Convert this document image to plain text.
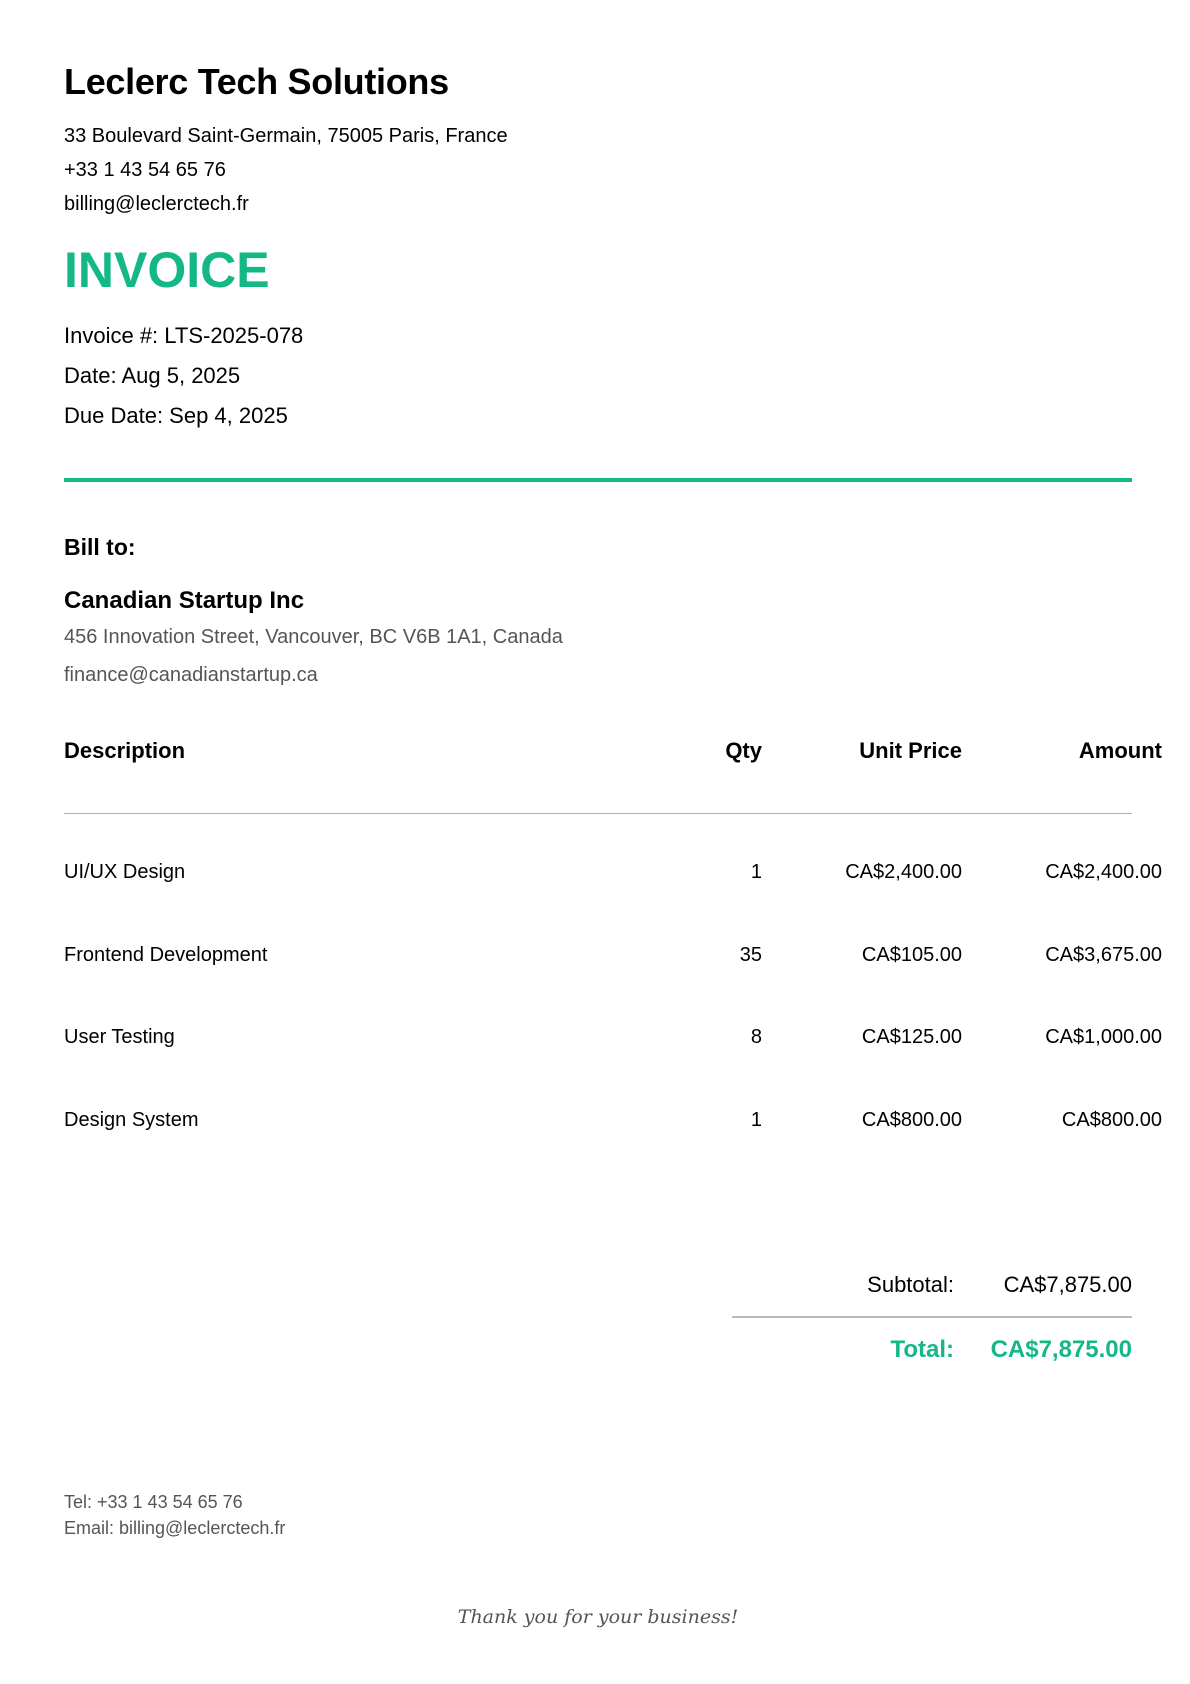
Leclerc Tech Solutions
33 Boulevard Saint-Germain, 75005 Paris, France
+33 1 43 54 65 76
billing@leclerctech.fr
INVOICE
Invoice #: LTS-2025-078
Date: Aug 5, 2025
Due Date: Sep 4, 2025
Bill to:
Canadian Startup Inc
456 Innovation Street, Vancouver, BC V6B 1A1, Canada
finance@canadianstartup.ca
Description	Qty	Unit Price	Amount
UI/UX Design	1	CA$2,400.00	CA$2,400.00
Frontend Development	35	CA$105.00	CA$3,675.00
User Testing	8	CA$125.00	CA$1,000.00
Design System	1	CA$800.00	CA$800.00
Subtotal:	CA$7,875.00
Total:	CA$7,875.00
Tel: +33 1 43 54 65 76
Email: billing@leclerctech.fr
Thank you for your business!
